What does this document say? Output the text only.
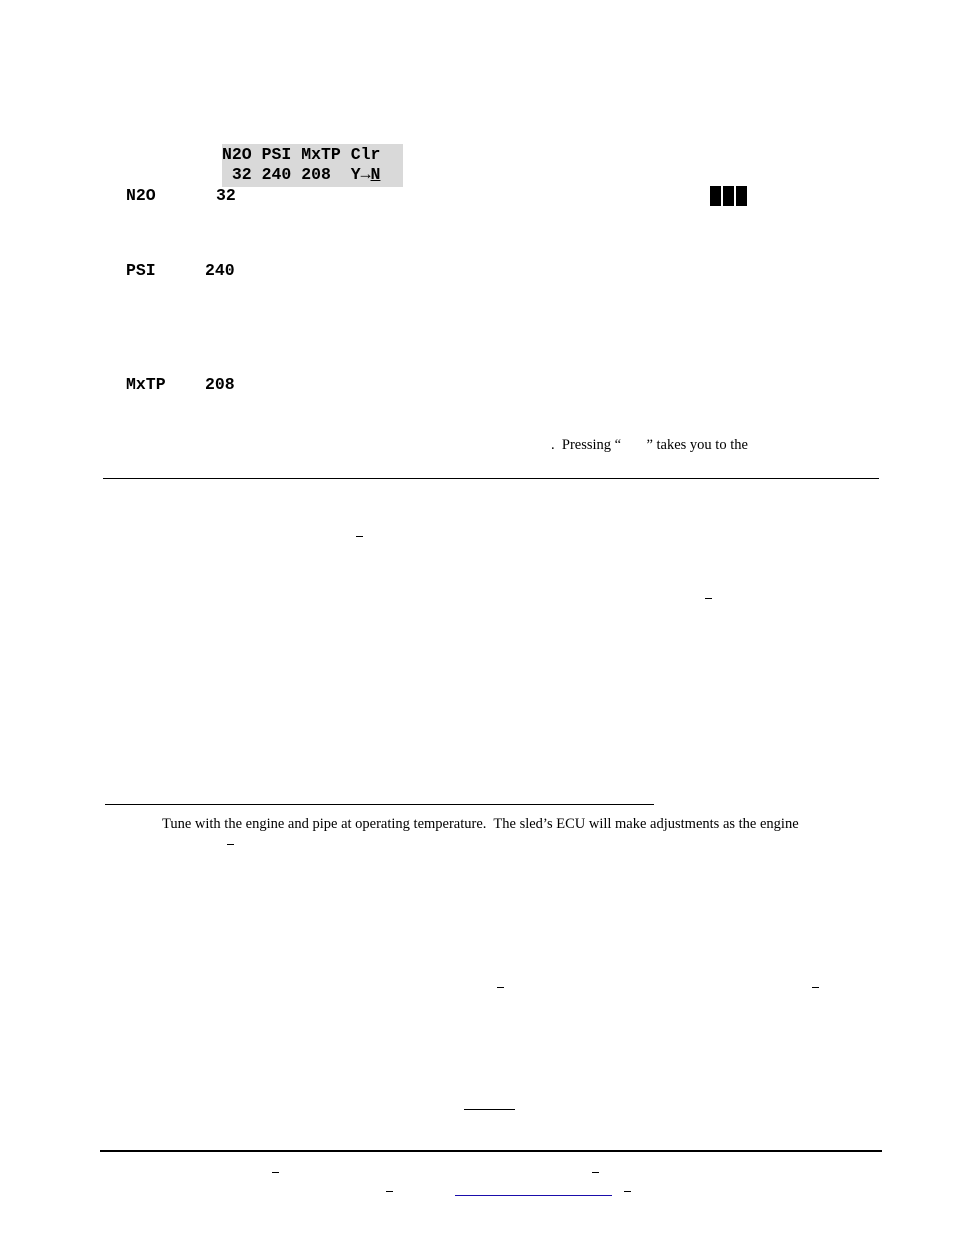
N2O PSI MxTP Clr
32 240 208  Y→N
N2O	32
PSI	240
MxTP 208
.  Pressing “       ” takes you to the
Tune with the engine and pipe at operating temperature.  The sled’s ECU will make adjustments as the engine
